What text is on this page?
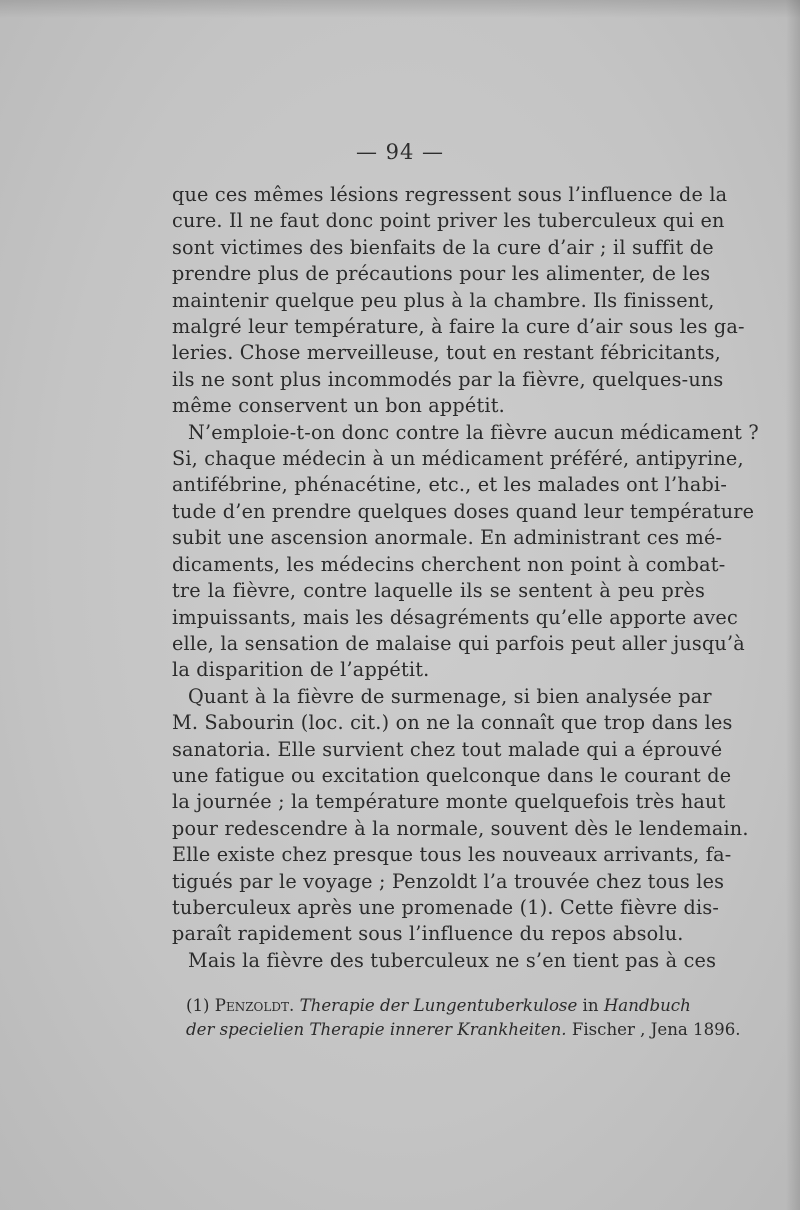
— 94 —
que ces mêmes lésions regressent sous l’influence de la
cure. Il ne faut donc point priver les tuberculeux qui en
sont victimes des bienfaits de la cure d’air ; il suffit de
prendre plus de précautions pour les alimenter, de les
maintenir quelque peu plus à la chambre. Ils finissent,
malgré leur température, à faire la cure d’air sous les ga-
leries. Chose merveilleuse, tout en restant fébricitants,
ils ne sont plus incommodés par la fièvre, quelques-uns
même conservent un bon appétit.
N’emploie-t-on donc contre la fièvre aucun médicament ?
Si, chaque médecin à un médicament préféré, antipyrine,
antifébrine, phénacétine, etc., et les malades ont l’habi-
tude d’en prendre quelques doses quand leur température
subit une ascension anormale. En administrant ces mé-
dicaments, les médecins cherchent non point à combat-
tre la fièvre, contre laquelle ils se sentent à peu près
impuissants, mais les désagréments qu’elle apporte avec
elle, la sensation de malaise qui parfois peut aller jusqu’à
la disparition de l’appétit.
Quant à la fièvre de surmenage, si bien analysée par
M. Sabourin (loc. cit.) on ne la connaît que trop dans les
sanatoria. Elle survient chez tout malade qui a éprouvé
une fatigue ou excitation quelconque dans le courant de
la journée ; la température monte quelquefois très haut
pour redescendre à la normale, souvent dès le lendemain.
Elle existe chez presque tous les nouveaux arrivants, fa-
tigués par le voyage ; Penzoldt l’a trouvée chez tous les
tuberculeux après une promenade (1). Cette fièvre dis-
paraît rapidement sous l’influence du repos absolu.
Mais la fièvre des tuberculeux ne s’en tient pas à ces
(1) Penzoldt. Therapie der Lungentuberkulose in Handbuch
der specielien Therapie innerer Krankheiten. Fischer , Jena 1896.
